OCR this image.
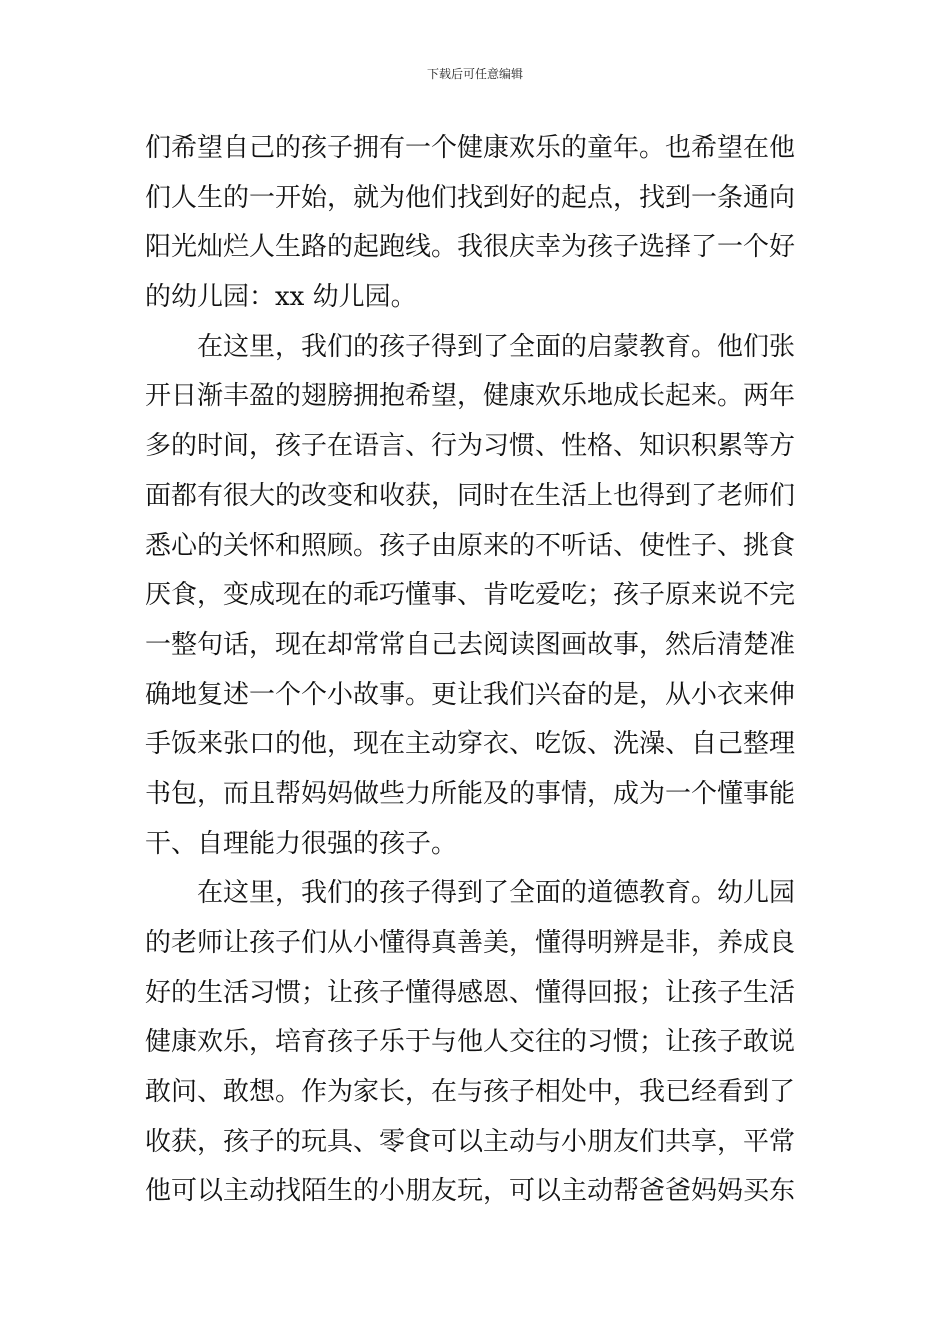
下载后可任意编辑
们希望自己的孩子拥有一个健康欢乐的童年。也希望在他
们人生的一开始，就为他们找到好的起点，找到一条通向
阳光灿烂人生路的起跑线。我很庆幸为孩子选择了一个好
的幼儿园：xx 幼儿园。
在这里，我们的孩子得到了全面的启蒙教育。他们张
开日渐丰盈的翅膀拥抱希望，健康欢乐地成长起来。两年
多的时间，孩子在语言、行为习惯、性格、知识积累等方
面都有很大的改变和收获，同时在生活上也得到了老师们
悉心的关怀和照顾。孩子由原来的不听话、使性子、挑食
厌食，变成现在的乖巧懂事、肯吃爱吃；孩子原来说不完
一整句话，现在却常常自己去阅读图画故事，然后清楚准
确地复述一个个小故事。更让我们兴奋的是，从小衣来伸
手饭来张口的他，现在主动穿衣、吃饭、洗澡、自己整理
书包，而且帮妈妈做些力所能及的事情，成为一个懂事能
干、自理能力很强的孩子。
在这里，我们的孩子得到了全面的道德教育。幼儿园
的老师让孩子们从小懂得真善美，懂得明辨是非，养成良
好的生活习惯；让孩子懂得感恩、懂得回报；让孩子生活
健康欢乐，培育孩子乐于与他人交往的习惯；让孩子敢说
敢问、敢想。作为家长，在与孩子相处中，我已经看到了
收获，孩子的玩具、零食可以主动与小朋友们共享，平常
他可以主动找陌生的小朋友玩，可以主动帮爸爸妈妈买东
